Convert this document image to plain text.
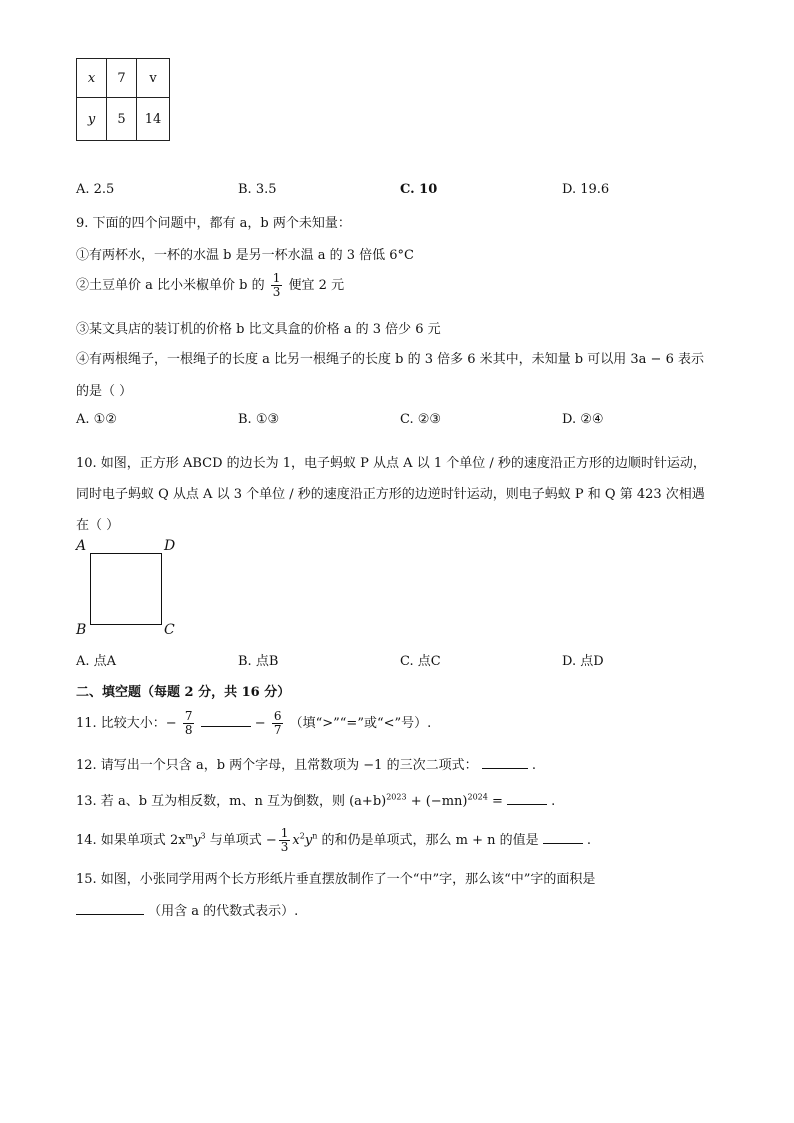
x	7	v
y	5	14
A. 2.5	B. 3.5	C. 10	D. 19.6
9. 下面的四个问题中，都有 a，b 两个未知量：
①有两杯水，一杯的水温 b 是另一杯水温 a 的 3 倍低 6°C
②土豆单价 a 比小米椒单价 b 的 $\frac{1}{3}$ 便宜 2 元
③某文具店的装订机的价格 b 比文具盒的价格 a 的 3 倍少 6 元
④有两根绳子，一根绳子的长度 a 比另一根绳子的长度 b 的 3 倍多 6 米其中，未知量 b 可以用 3a − 6 表示
的是（ ）
A. ①②	B. ①③	C. ②③	D. ②④
10. 如图，正方形 ABCD 的边长为 1，电子蚂蚁 P 从点 A 以 1 个单位 / 秒的速度沿正方形的边顺时针运动，
同时电子蚂蚁 Q 从点 A 以 3 个单位 / 秒的速度沿正方形的边逆时针运动，则电子蚂蚁 P 和 Q 第 423 次相遇
在（ ）
A	D
B	C
A. 点A	B. 点B	C. 点C	D. 点D
二、填空题（每题 2 分，共 16 分）
11. 比较大小：− $\frac{7}{8}$	− $\frac{6}{7}$ （填“>”“=”或“<”号）.
12. 请写出一个只含 a，b 两个字母，且常数项为 −1 的三次二项式：	.
13. 若 a、b 互为相反数，m、n 互为倒数，则 $(a+b)^{2023} + (-mn)^{2024}$ =	.
14. 如果单项式 $2x^my^3$ 与单项式 − $\frac{1}{3} x^2y^n$ 的和仍是单项式，那么 m + n 的值是	.
15. 如图，小张同学用两个长方形纸片垂直摆放制作了一个“中”字，那么该“中”字的面积是
（用含 a 的代数式表示）.
